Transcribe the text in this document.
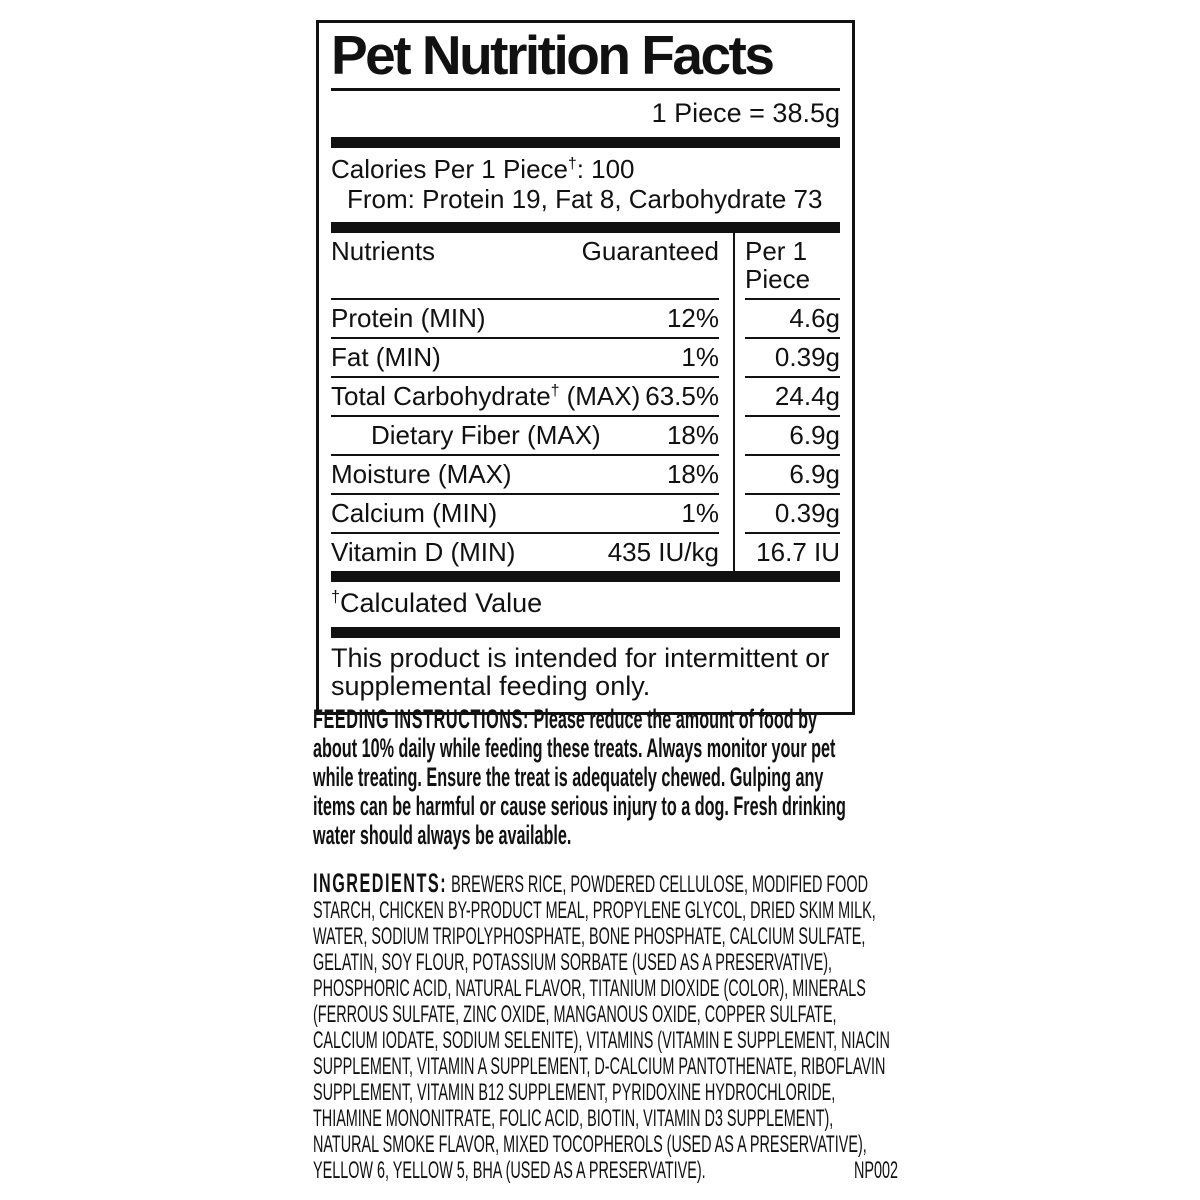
Pet Nutrition Facts
1 Piece = 38.5g
Calories Per 1 Piece†: 100
From: Protein 19, Fat 8, Carbohydrate 73
Nutrients	Guaranteed Per 1 Piece
Protein (MIN)	12%	4.6g
Fat (MIN)	1%	0.39g
Total Carbohydrate† (MAX) 63.5%	24.4g
Dietary Fiber (MAX)	18%	6.9g
Moisture (MAX)	18%	6.9g
Calcium (MIN)	1%	0.39g
Vitamin D (MIN)	435 IU/kg	16.7 IU
†Calculated Value
This product is intended for intermittent or
supplemental feeding only.

FEEDING INSTRUCTIONS: Please reduce the amount of food by about 10% daily while feeding these treats. Always monitor your pet while treating. Ensure the treat is adequately chewed. Gulping any items can be harmful or cause serious injury to a dog. Fresh drinking water should always be available.

INGREDIENTS: BREWERS RICE, POWDERED CELLULOSE, MODIFIED FOOD STARCH, CHICKEN BY-PRODUCT MEAL, PROPYLENE GLYCOL, DRIED SKIM MILK, WATER, SODIUM TRIPOLYPHOSPHATE, BONE PHOSPHATE, CALCIUM SULFATE, GELATIN, SOY FLOUR, POTASSIUM SORBATE (USED AS A PRESERVATIVE), PHOSPHORIC ACID, NATURAL FLAVOR, TITANIUM DIOXIDE (COLOR), MINERALS (FERROUS SULFATE, ZINC OXIDE, MANGANOUS OXIDE, COPPER SULFATE, CALCIUM IODATE, SODIUM SELENITE), VITAMINS (VITAMIN E SUPPLEMENT, NIACIN SUPPLEMENT, VITAMIN A SUPPLEMENT, D-CALCIUM PANTOTHENATE, RIBOFLAVIN SUPPLEMENT, VITAMIN B12 SUPPLEMENT, PYRIDOXINE HYDROCHLORIDE, THIAMINE MONONITRATE, FOLIC ACID, BIOTIN, VITAMIN D3 SUPPLEMENT), NATURAL SMOKE FLAVOR, MIXED TOCOPHEROLS (USED AS A PRESERVATIVE), YELLOW 6, YELLOW 5, BHA (USED AS A PRESERVATIVE).	NP002
